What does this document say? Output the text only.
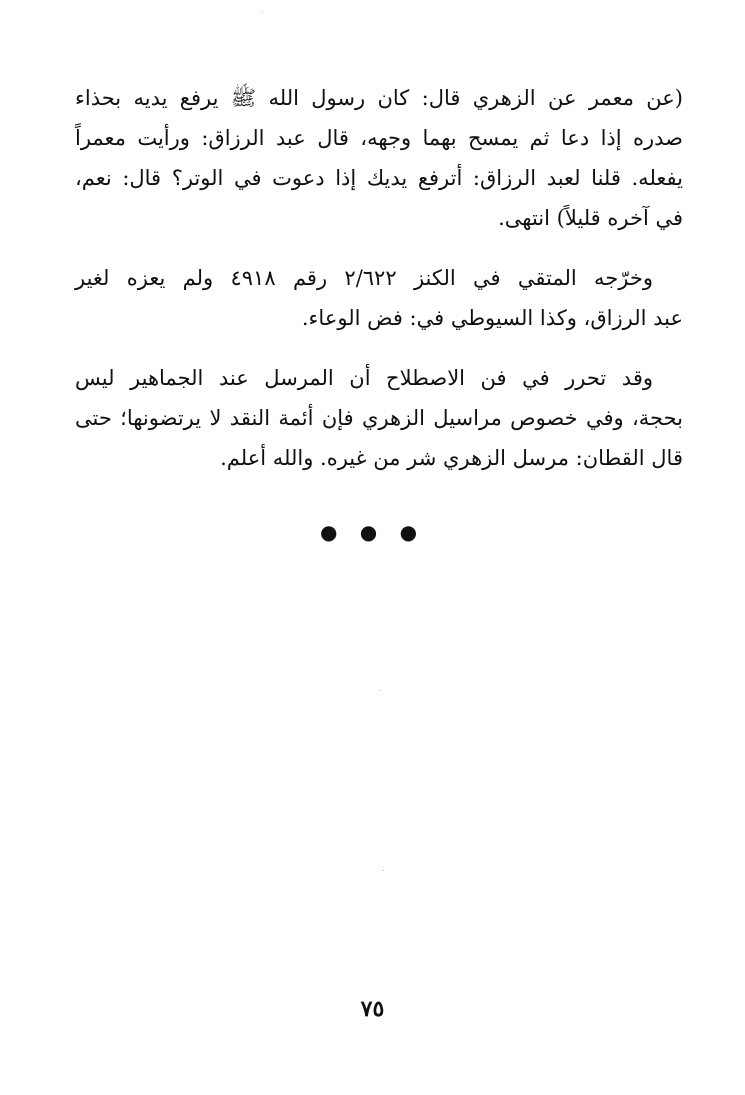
(عن معمر عن الزهري قال: كان رسول الله ﷺ يرفع يديه بحذاء
صدره إذا دعا ثم يمسح بهما وجهه، قال عبد الرزاق: ورأيت معمراً
يفعله. قلنا لعبد الرزاق: أترفع يديك إذا دعوت في الوتر؟ قال: نعم،
في آخره قليلاً) انتهى.
وخرّجه المتقي في الكنز ٢/٦٢٢ رقم ٤٩١٨ ولم يعزه لغير
عبد الرزاق، وكذا السيوطي في: فض الوعاء.
وقد تحرر في فن الاصطلاح أن المرسل عند الجماهير ليس
بحجة، وفي خصوص مراسيل الزهري فإن أئمة النقد لا يرتضونها؛ حتى
قال القطان: مرسل الزهري شر من غيره. والله أعلم.
● ● ●
٧٥
